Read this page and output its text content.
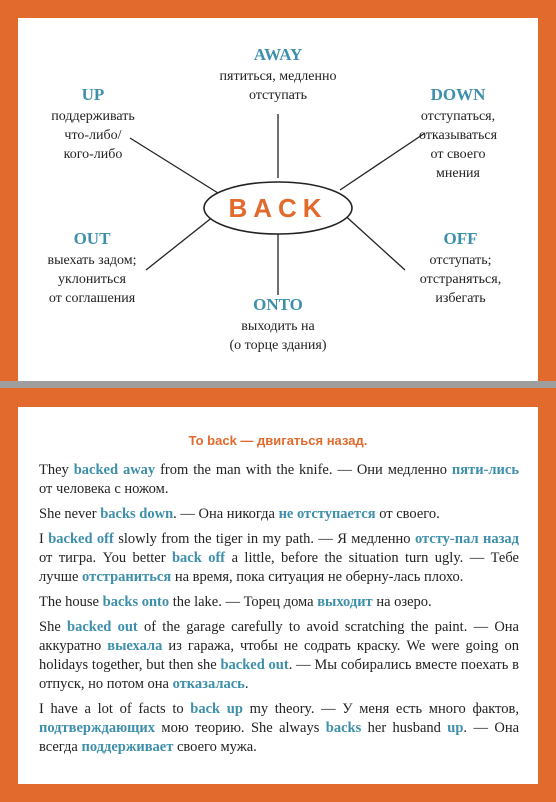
BACK
AWAY
пятиться, медленно
отступать
UP
поддерживать
что-либо/
кого-либо
DOWN
отступаться,
отказываться
от своего
мнения
OUT
выехать задом;
уклониться
от соглашения
OFF
отступать;
отстраняться,
избегать
ONTO
выходить на
(о торце здания)
To back — двигаться назад.

They backed away from the man with the knife. — Они медленно пяти-лись от человека с ножом.

She never backs down. — Она никогда не отступается от своего.

I backed off slowly from the tiger in my path. — Я медленно отсту-пал назад от тигра. You better back off a little, before the situation turn ugly. — Тебе лучше отстраниться на время, пока ситуация не оберну-лась плохо.

The house backs onto the lake. — Торец дома выходит на озеро.

She backed out of the garage carefully to avoid scratching the paint. — Она аккуратно выехала из гаража, чтобы не содрать краску. We were going on holidays together, but then she backed out. — Мы собирались вместе поехать в отпуск, но потом она отказалась.

I have a lot of facts to back up my theory. — У меня есть много фактов, подтверждающих мою теорию. She always backs her husband up. — Она всегда поддерживает своего мужа.
